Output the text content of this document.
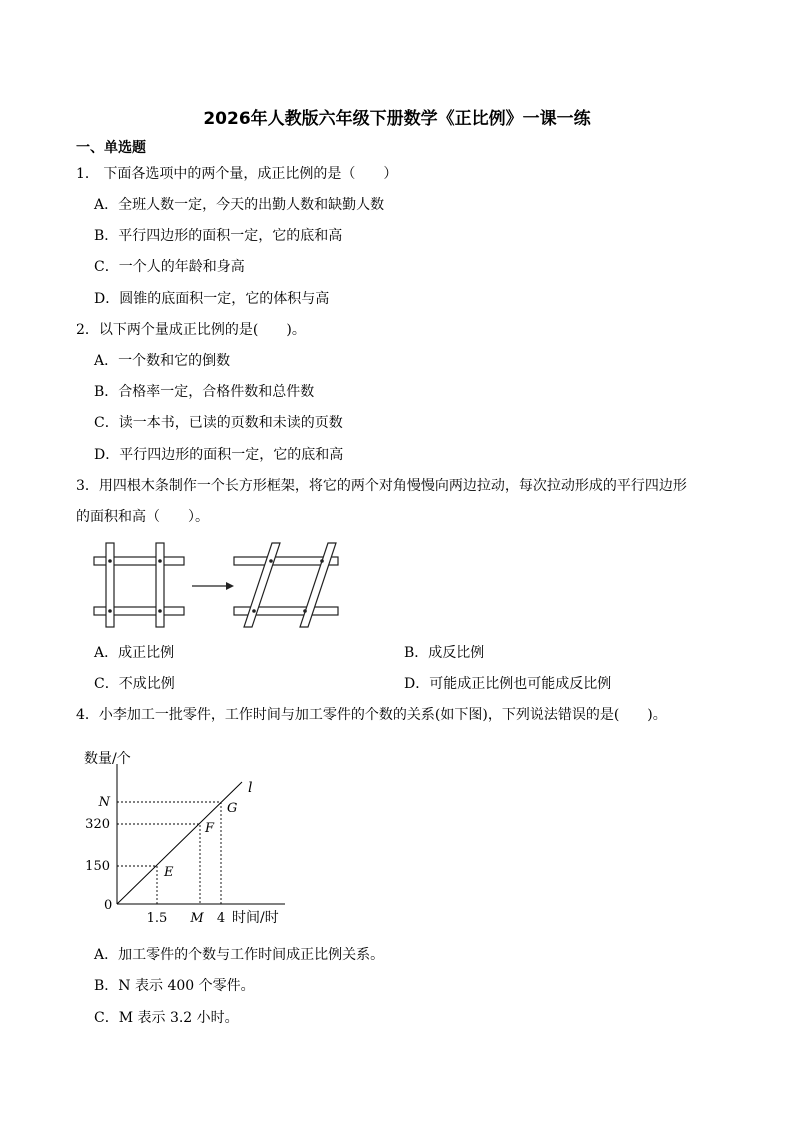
2026年人教版六年级下册数学《正比例》一课一练
一、单选题
1． 下面各选项中的两个量，成正比例的是（　　）
A．全班人数一定，今天的出勤人数和缺勤人数
B．平行四边形的面积一定，它的底和高
C．一个人的年龄和身高
D．圆锥的底面积一定，它的体积与高
2．以下两个量成正比例的是(　　)。
A．一个数和它的倒数
B．合格率一定，合格件数和总件数
C．读一本书，已读的页数和未读的页数
D．平行四边形的面积一定，它的底和高
3．用四根木条制作一个长方形框架，将它的两个对角慢慢向两边拉动，每次拉动形成的平行四边形
的面积和高（　　）。
A．成正比例	B．成反比例
C．不成比例	D．可能成正比例也可能成反比例
4．小李加工一批零件，工作时间与加工零件的个数的关系(如下图)，下列说法错误的是(　　)。
数量/个
时间/时
l
0
150
320
N
1.5 M 4
E
F
G
A．加工零件的个数与工作时间成正比例关系。
B．N 表示 400 个零件。
C．M 表示 3.2 小时。
